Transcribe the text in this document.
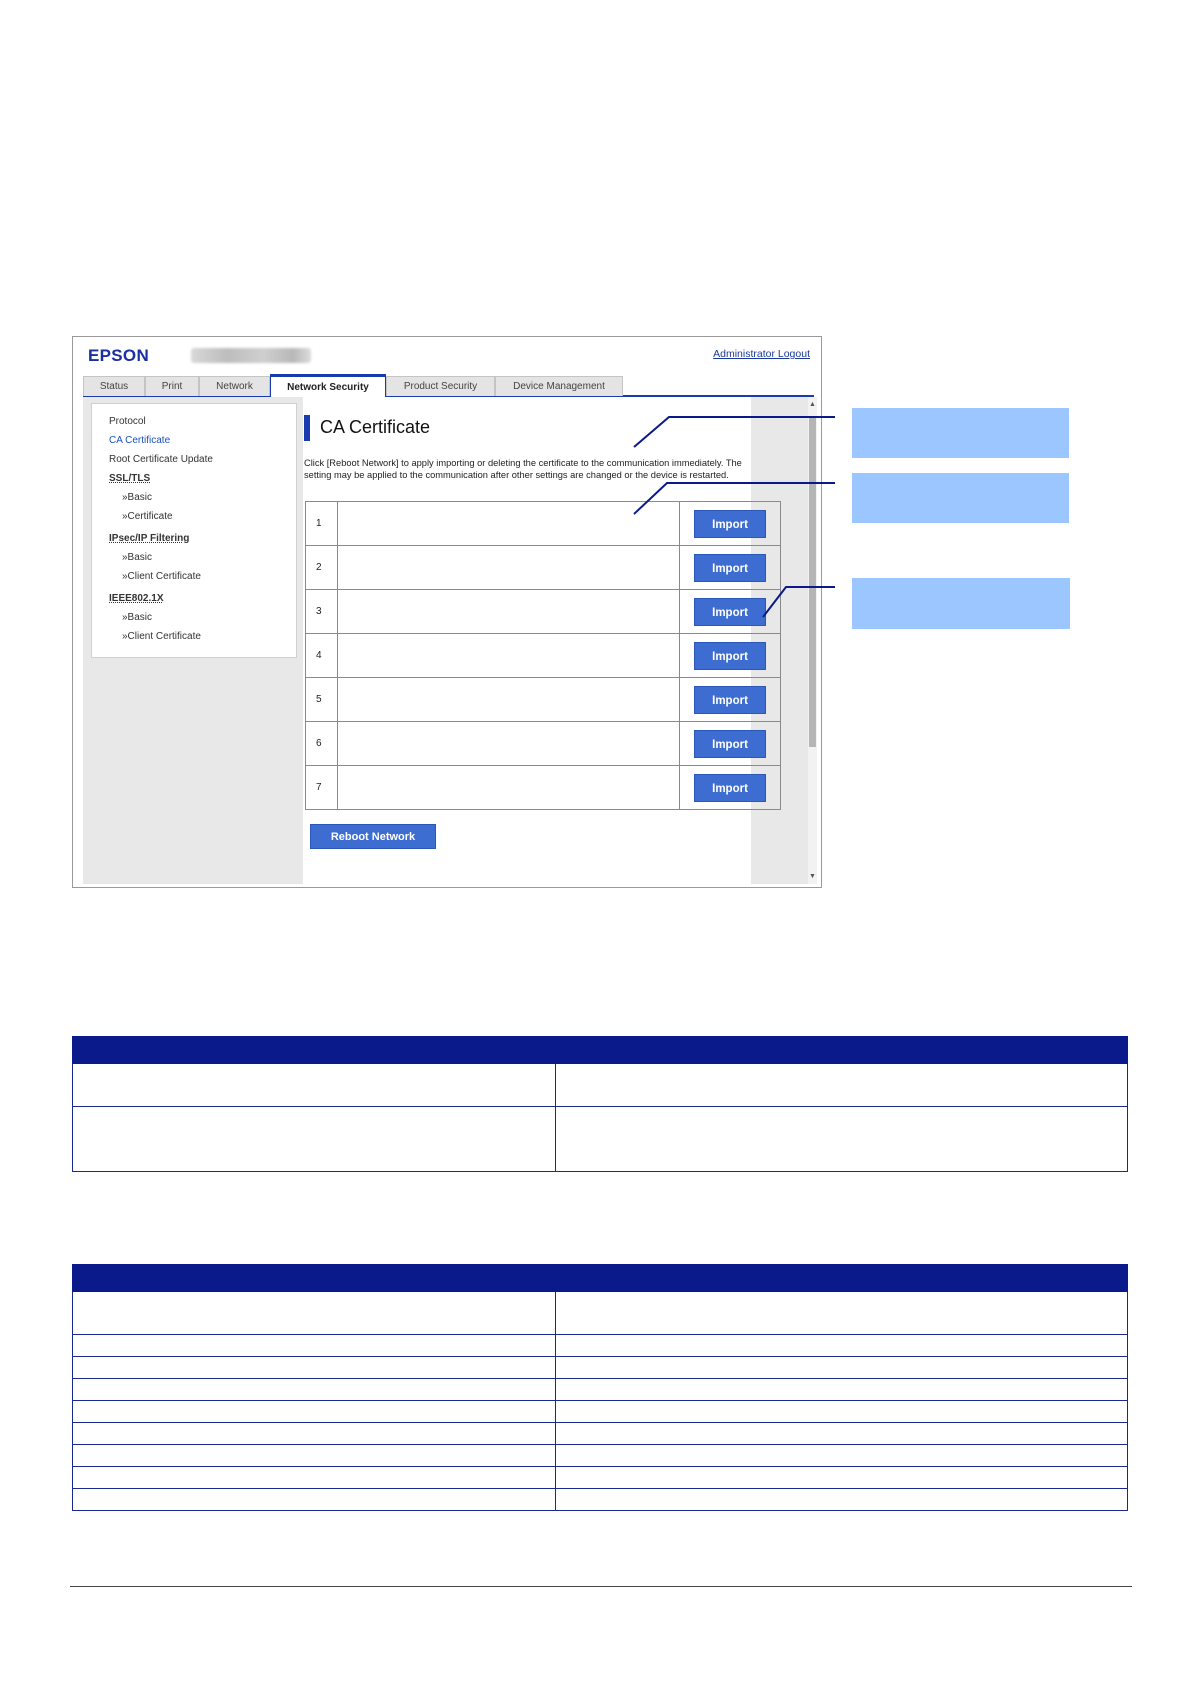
EPSON	Administrator Logout
Status	Print	Network	Network Security	Product Security	Device Management
Protocol
CA Certificate
Root Certificate Update
SSL/TLS
»Basic
»Certificate
IPsec/IP Filtering
»Basic
»Client Certificate
IEEE802.1X
»Basic
»Client Certificate
CA Certificate
Click [Reboot Network] to apply importing or deleting the certificate to the communication immediately. The setting may be applied to the communication after other settings are changed or the device is restarted.
1		Import
2		Import
3		Import
4		Import
5		Import
6		Import
7		Import
Reboot Network
▲
▼
